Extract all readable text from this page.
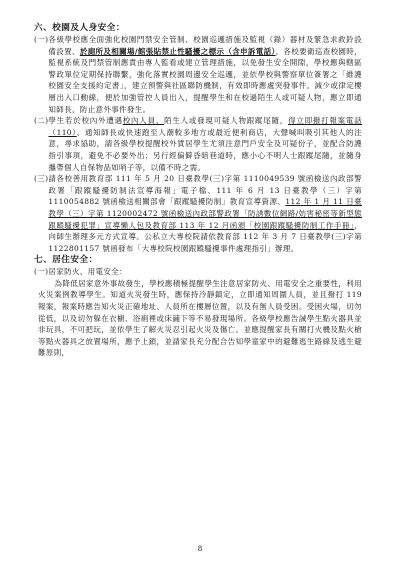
六、校園及人身安全：

(一) 各級學校應全面強化校園門禁安全管制、校園巡邏措施及監視（錄）器材及緊急求救鈴設備設置、於廁所及相關場/館張貼禁止性騷擾之標示（含申訴電話），各校要衛巡查校園時，監視系統及門禁管制應責由專人監看或建立管理措施，以免發生安全開隙，學校應與轄區警政單位定期保持聯繫，強化落實校園周邊安全巡邏，並依學校與警察單位簽署之「維護校園安全支援約定書」，建立預警與社區聯防機制，有效即時應處突發事件。減少或律定樓層出入口動線，便於加強管控人員出入，提醒學生和在校過陌生人或可疑人物，應立即通知師長，防止意外事件發生。
(二) 學生若於校內外遭遇校內人員、陌生人或發現可疑人物跟蹤尾隨，得立即撥打報案電話（110）、通知師長或快速跑至人潮較多地方或最近便利商店，大聲喊叫吸引其他人的注意，尋求協助，請各級學校提醒校外賃居學生尤須注意門戶安全及可疑份子，並配合防護指引事項，避免不必要外出；另行經偏僻昏暗巷道時，應小心不明人士跟蹤尾隨，並隨身攜帶個人自保物品如哨子等，以備不時之需。
(三) 請各校善用教育部 111 年 5 月 20 日臺教學(三)字第 1110049539 號函檢送內政部警政署「跟蹤騷擾防制法宣導海報」電子檔、111 年 6 月 13 日臺教學（三）字第 1110054882 號函檢送相關部會「跟蹤騷擾防制」教育宣導資源、112 年 1 月 11 日臺教學（三）字第 1120002472 號函檢送內政部警政署「防誘數位網路/妨害秘密等新型態跟蹤騷擾犯罪」宣導懶人包及教育部 113 年 12 月函頒「校園跟蹤騷擾防制工作手冊」，向師生辦理多元方式宣導。公私立大專校院請依教育部 112 年 3 月 7 日臺教學(三)字第 1122801157 號函發布「大專校院校園跟蹤騷擾事件處理指引」辦理。

七、居住安全：

(一) 居家防火、用電安全：

為降低居家意外事故發生，學校應積極提醒學生注意居家防火、用電安全之重要性，利用火災案例教導學生。知道火災發生時，應保持冷靜鎮定，立即通知周圍人員，並且撥打 119 報案，報案時應告知火災正確地址、人員所在樓層位置，以及有無人員受困。受困火場，切勿從低，以及切勿躲在衣櫥、浴廁裡或床鋪下等不易發現場所。各級學校應告誡學生點火器具並非玩具，不可把玩，並依學生了解火災忍引起火災及傷亡。並應提醒家長有關打火機及點火槍等點火器具之放置場所，應予上鎖，並請家長充分配合告知學童家中的避難逃生路線及逃生避難原則，

8
